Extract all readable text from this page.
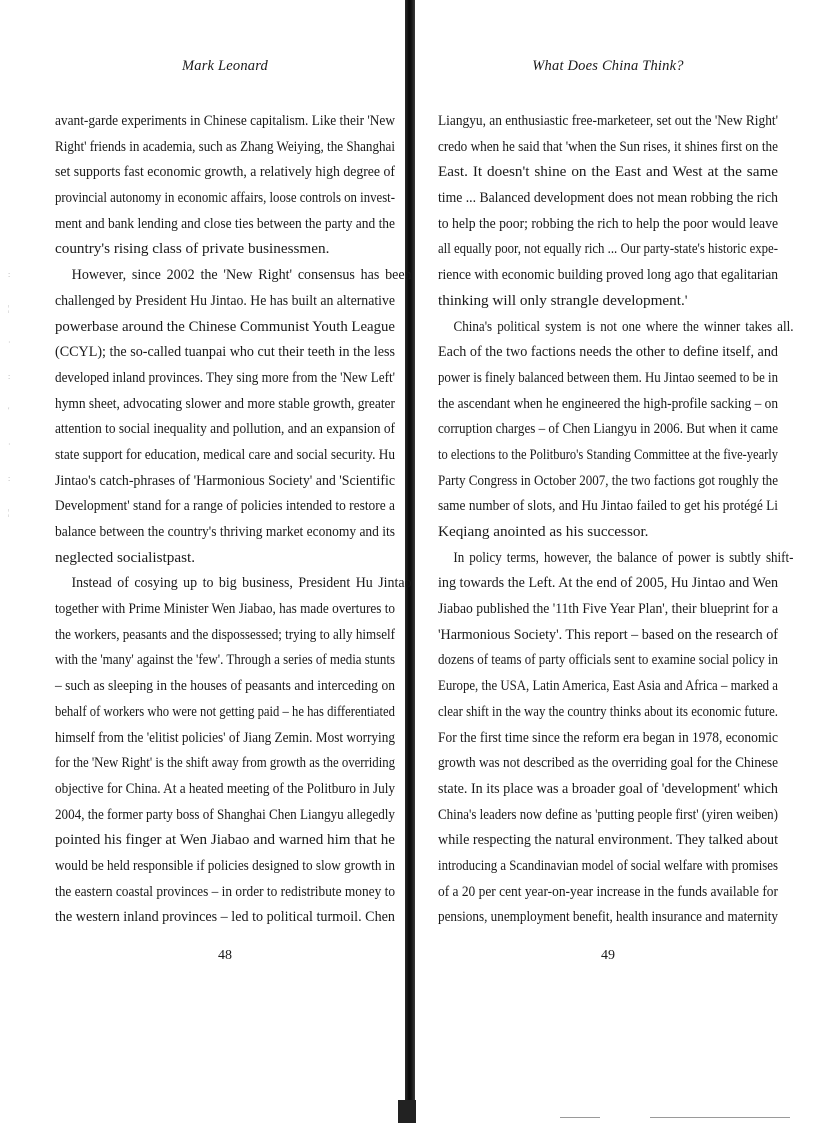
:
¦
·
:
'
·
:
¦
Mark Leonard
avant-garde experiments in Chinese capitalism. Like their 'New
Right' friends in academia, such as Zhang Weiying, the Shanghai
set supports fast economic growth, a relatively high degree of
provincial autonomy in economic affairs, loose controls on invest-
ment and bank lending and close ties between the party and the
country's rising class of private businessmen.
However, since 2002 the 'New Right' consensus has been
challenged by President Hu Jintao. He has built an alternative
powerbase around the Chinese Communist Youth League
(CCYL); the so-called tuanpai who cut their teeth in the less
developed inland provinces. They sing more from the 'New Left'
hymn sheet, advocating slower and more stable growth, greater
attention to social inequality and pollution, and an expansion of
state support for education, medical care and social security. Hu
Jintao's catch-phrases of 'Harmonious Society' and 'Scientific
Development' stand for a range of policies intended to restore a
balance between the country's thriving market economy and its
neglected socialistpast.
Instead of cosying up to big business, President Hu Jintao
together with Prime Minister Wen Jiabao, has made overtures to
the workers, peasants and the dispossessed; trying to ally himself
with the 'many' against the 'few'. Through a series of media stunts
– such as sleeping in the houses of peasants and interceding on
behalf of workers who were not getting paid – he has differentiated
himself from the 'elitist policies' of Jiang Zemin. Most worrying
for the 'New Right' is the shift away from growth as the overriding
objective for China. At a heated meeting of the Politburo in July
2004, the former party boss of Shanghai Chen Liangyu allegedly
pointed his finger at Wen Jiabao and warned him that he
would be held responsible if policies designed to slow growth in
the eastern coastal provinces – in order to redistribute money to
the western inland provinces – led to political turmoil. Chen
48
What Does China Think?
Liangyu, an enthusiastic free-marketeer, set out the 'New Right'
credo when he said that 'when the Sun rises, it shines first on the
East. It doesn't shine on the East and West at the same
time ... Balanced development does not mean robbing the rich
to help the poor; robbing the rich to help the poor would leave
all equally poor, not equally rich ... Our party-state's historic expe-
rience with economic building proved long ago that egalitarian
thinking will only strangle development.'
China's political system is not one where the winner takes all.
Each of the two factions needs the other to define itself, and
power is finely balanced between them. Hu Jintao seemed to be in
the ascendant when he engineered the high-profile sacking – on
corruption charges – of Chen Liangyu in 2006. But when it came
to elections to the Politburo's Standing Committee at the five-yearly
Party Congress in October 2007, the two factions got roughly the
same number of slots, and Hu Jintao failed to get his protégé Li
Keqiang anointed as his successor.
In policy terms, however, the balance of power is subtly shift-
ing towards the Left. At the end of 2005, Hu Jintao and Wen
Jiabao published the '11th Five Year Plan', their blueprint for a
'Harmonious Society'. This report – based on the research of
dozens of teams of party officials sent to examine social policy in
Europe, the USA, Latin America, East Asia and Africa – marked a
clear shift in the way the country thinks about its economic future.
For the first time since the reform era began in 1978, economic
growth was not described as the overriding goal for the Chinese
state. In its place was a broader goal of 'development' which
China's leaders now define as 'putting people first' (yiren weiben)
while respecting the natural environment. They talked about
introducing a Scandinavian model of social welfare with promises
of a 20 per cent year-on-year increase in the funds available for
pensions, unemployment benefit, health insurance and maternity
49
